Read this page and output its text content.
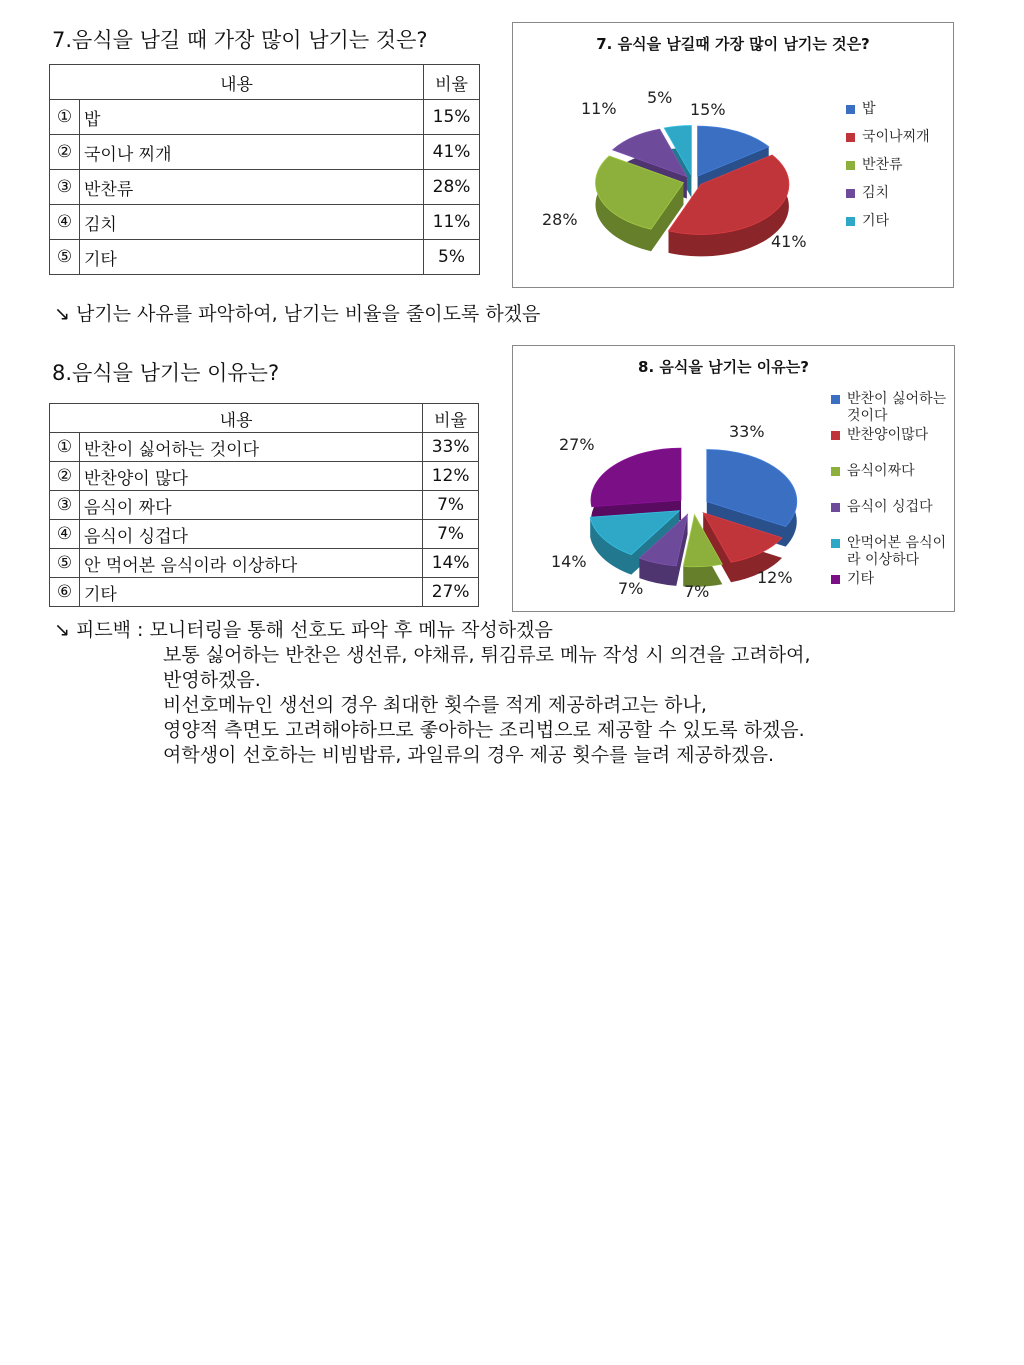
7.음식을 남길 때 가장 많이 남기는 것은?
내용		비율
①	밥	15%
②	국이나 찌개	41%
③	반찬류	28%
④	김치	11%
⑤	기타	5%
↘ 남기는 사유를 파악하여, 남기는 비율을 줄이도록 하겠음
7. 음식을 남길때 가장 많이 남기는 것은?
15%
41%
28%
11%
5%
밥
국이나찌개
반찬류
김치
기타
8.음식을 남기는 이유는?
내용		비율
①	반찬이 싫어하는 것이다	33%
②	반찬양이 많다	12%
③	음식이 짜다	7%
④	음식이 싱겁다	7%
⑤	안 먹어본 음식이라 이상하다	14%
⑥	기타	27%
8. 음식을 남기는 이유는?
33%
12%
7%
7%
14%
27%
반찬이 싫어하는것이다
반찬양이많다
음식이짜다
음식이 싱겁다
안먹어본 음식이라 이상하다
기타
↘ 피드백 : 모니터링을 통해 선호도 파악 후 메뉴 작성하겠음
보통 싫어하는 반찬은 생선류, 야채류, 튀김류로 메뉴 작성 시 의견을 고려하여,
반영하겠음.
비선호메뉴인 생선의 경우 최대한 횟수를 적게 제공하려고는 하나,
영양적 측면도 고려해야하므로 좋아하는 조리법으로 제공할 수 있도록 하겠음.
여학생이 선호하는 비빔밥류, 과일류의 경우 제공 횟수를 늘려 제공하겠음.
